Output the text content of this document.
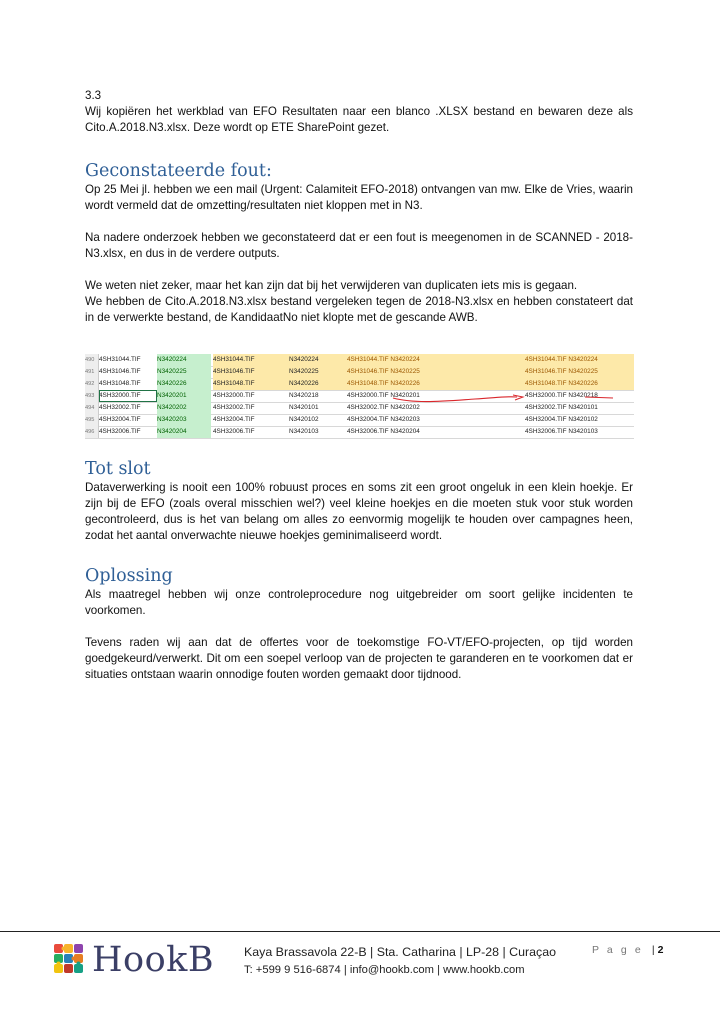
3.3

Wij kopiëren het werkblad van EFO Resultaten naar een blanco .XLSX bestand en bewaren deze als Cito.A.2018.N3.xlsx. Deze wordt op ETE SharePoint gezet.

Geconstateerde fout:

Op 25 Mei jl. hebben we een mail (Urgent: Calamiteit EFO-2018) ontvangen van mw. Elke de Vries, waarin wordt vermeld dat de omzetting/resultaten niet kloppen met in N3.

Na nadere onderzoek hebben we geconstateerd dat er een fout is meegenomen in de SCANNED - 2018-N3.xlsx, en dus in de verdere outputs.

We weten niet zeker, maar het kan zijn dat bij het verwijderen van duplicaten iets mis is gegaan.

We hebben de Cito.A.2018.N3.xlsx bestand vergeleken tegen de 2018-N3.xlsx en hebben constateert dat in de verwerkte bestand, de KandidaatNo niet klopte met de gescande AWB.

490 4SH31044.TIF	N3420224	4SH31044.TIF	N3420224	4SH31044.TIF N3420224	4SH31044.TIF N3420224
491 4SH31046.TIF	N3420225	4SH31046.TIF	N3420225	4SH31046.TIF N3420225	4SH31046.TIF N3420225
492 4SH31048.TIF	N3420226	4SH31048.TIF	N3420226	4SH31048.TIF N3420226	4SH31048.TIF N3420226
493 4SH32000.TIF	N3420201	4SH32000.TIF	N3420218	4SH32000.TIF N3420201	4SH32000.TIF N3420218
494 4SH32002.TIF	N3420202	4SH32002.TIF	N3420101	4SH32002.TIF N3420202	4SH32002.TIF N3420101
495 4SH32004.TIF	N3420203	4SH32004.TIF	N3420102	4SH32004.TIF N3420203	4SH32004.TIF N3420102
496 4SH32006.TIF	N3420204	4SH32006.TIF	N3420103	4SH32006.TIF N3420204	4SH32006.TIF N3420103
Tot slot

Dataverwerking is nooit een 100% robuust proces en soms zit een groot ongeluk in een klein hoekje. Er zijn bij de EFO (zoals overal misschien wel?) veel kleine hoekjes en die moeten stuk voor stuk worden gecontroleerd, dus is het van belang om alles zo eenvormig mogelijk te houden over campagnes heen, zodat het aantal onverwachte nieuwe hoekjes geminimaliseerd wordt.

Oplossing

Als maatregel hebben wij onze controleprocedure nog uitgebreider om soort gelijke incidenten te voorkomen.

Tevens raden wij aan dat de offertes voor de toekomstige FO-VT/EFO-projecten, op tijd worden goedgekeurd/verwerkt. Dit om een soepel verloop van de projecten te garanderen en te voorkomen dat er situaties ontstaan waarin onnodige fouten worden gemaakt door tijdnood.

HookB Kaya Brassavola 22-B | Sta. Catharina | LP-28 | Curaçao
T: +599 9 516-6874 | info@hookb.com | www.hookb.com
P a g e | 2
